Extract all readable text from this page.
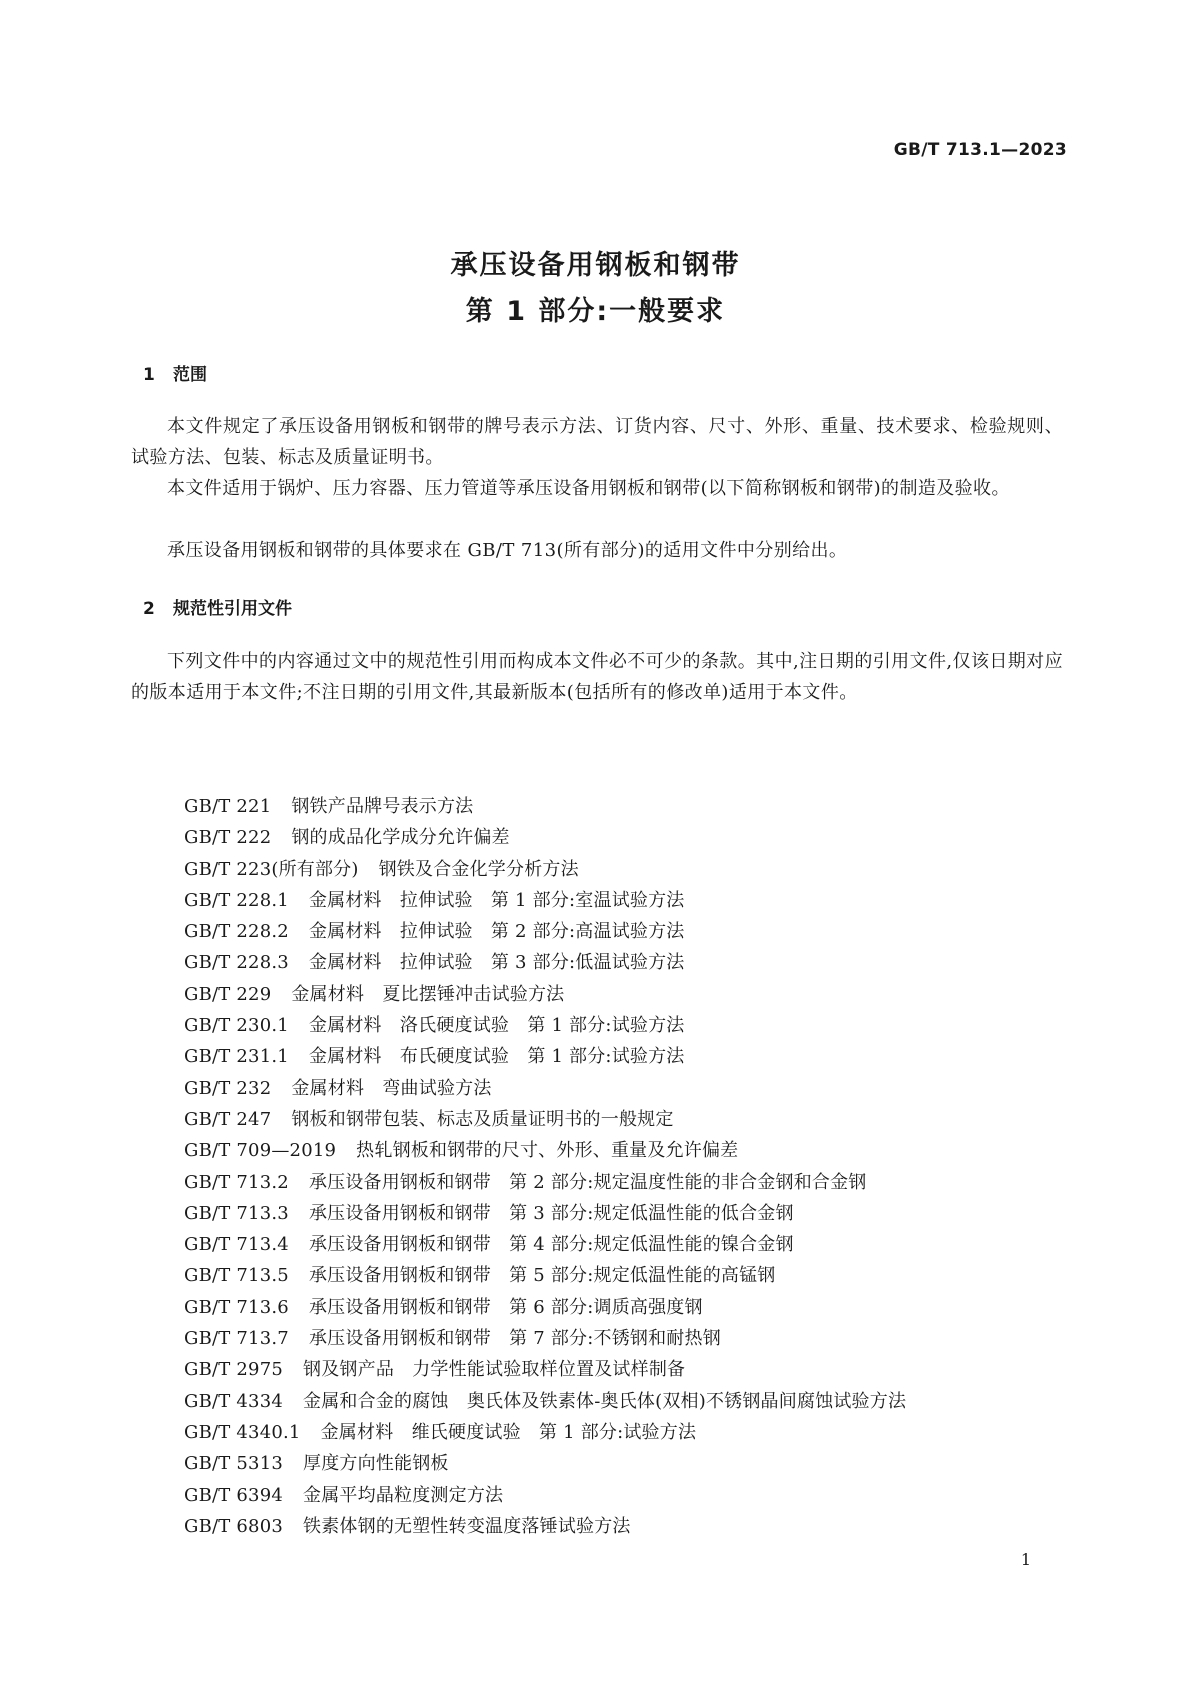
GB/T 713.1—2023
承压设备用钢板和钢带
第 1 部分:一般要求
1 范围

本文件规定了承压设备用钢板和钢带的牌号表示方法、订货内容、尺寸、外形、重量、技术要求、检验规则、试验方法、包装、标志及质量证明书。

本文件适用于锅炉、压力容器、压力管道等承压设备用钢板和钢带(以下简称钢板和钢带)的制造及验收。

承压设备用钢板和钢带的具体要求在 GB/T 713(所有部分)的适用文件中分别给出。

2 规范性引用文件

下列文件中的内容通过文中的规范性引用而构成本文件必不可少的条款。其中,注日期的引用文件,仅该日期对应的版本适用于本文件;不注日期的引用文件,其最新版本(包括所有的修改单)适用于本文件。

GB/T 221 钢铁产品牌号表示方法
GB/T 222 钢的成品化学成分允许偏差
GB/T 223(所有部分) 钢铁及合金化学分析方法
GB/T 228.1 金属材料　拉伸试验　第 1 部分:室温试验方法
GB/T 228.2 金属材料　拉伸试验　第 2 部分:高温试验方法
GB/T 228.3 金属材料　拉伸试验　第 3 部分:低温试验方法
GB/T 229 金属材料　夏比摆锤冲击试验方法
GB/T 230.1 金属材料　洛氏硬度试验　第 1 部分:试验方法
GB/T 231.1 金属材料　布氏硬度试验　第 1 部分:试验方法
GB/T 232 金属材料　弯曲试验方法
GB/T 247 钢板和钢带包装、标志及质量证明书的一般规定
GB/T 709—2019 热轧钢板和钢带的尺寸、外形、重量及允许偏差
GB/T 713.2 承压设备用钢板和钢带　第 2 部分:规定温度性能的非合金钢和合金钢
GB/T 713.3 承压设备用钢板和钢带　第 3 部分:规定低温性能的低合金钢
GB/T 713.4 承压设备用钢板和钢带　第 4 部分:规定低温性能的镍合金钢
GB/T 713.5 承压设备用钢板和钢带　第 5 部分:规定低温性能的高锰钢
GB/T 713.6 承压设备用钢板和钢带　第 6 部分:调质高强度钢
GB/T 713.7 承压设备用钢板和钢带　第 7 部分:不锈钢和耐热钢
GB/T 2975 钢及钢产品　力学性能试验取样位置及试样制备
GB/T 4334 金属和合金的腐蚀　奥氏体及铁素体-奥氏体(双相)不锈钢晶间腐蚀试验方法
GB/T 4340.1 金属材料　维氏硬度试验　第 1 部分:试验方法
GB/T 5313 厚度方向性能钢板
GB/T 6394 金属平均晶粒度测定方法
GB/T 6803 铁素体钢的无塑性转变温度落锤试验方法
1
